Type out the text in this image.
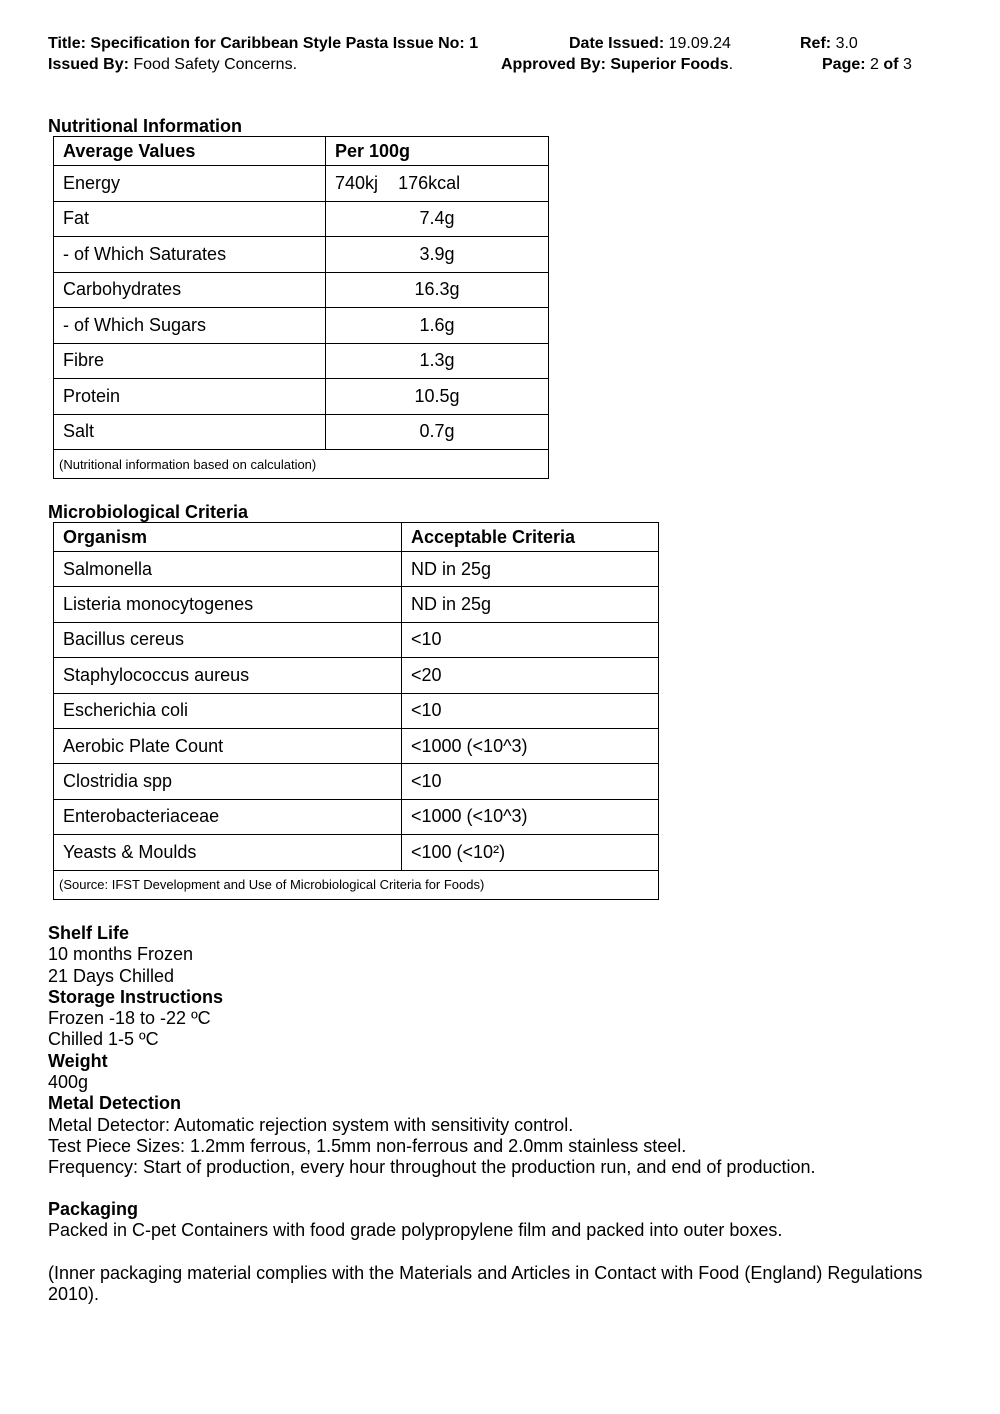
Title: Specification for Caribbean Style Pasta Issue No: 1	Date Issued: 19.09.24	Ref: 3.0
Issued By: Food Safety Concerns.	Approved By: Superior Foods.	Page: 2 of 3
Nutritional Information
Average Values	Per 100g
Energy	740kj 176kcal
Fat	7.4g
- of Which Saturates	3.9g
Carbohydrates	16.3g
- of Which Sugars	1.6g
Fibre	1.3g
Protein	10.5g
Salt	0.7g
(Nutritional information based on calculation)	
Microbiological Criteria
Organism	Acceptable Criteria
Salmonella	ND in 25g
Listeria monocytogenes	ND in 25g
Bacillus cereus	<10
Staphylococcus aureus	<20
Escherichia coli	<10
Aerobic Plate Count	<1000 (<10^3)
Clostridia spp	<10
Enterobacteriaceae	<1000 (<10^3)
Yeasts & Moulds	<100 (<10²)
(Source: IFST Development and Use of Microbiological Criteria for Foods)	
Shelf Life
10 months Frozen
21 Days Chilled
Storage Instructions
Frozen -18 to -22 ºC
Chilled 1-5 ºC
Weight
400g
Metal Detection
Metal Detector: Automatic rejection system with sensitivity control.
Test Piece Sizes: 1.2mm ferrous, 1.5mm non-ferrous and 2.0mm stainless steel.
Frequency: Start of production, every hour throughout the production run, and end of production.
Packaging
Packed in C-pet Containers with food grade polypropylene film and packed into outer boxes.
(Inner packaging material complies with the Materials and Articles in Contact with Food (England) Regulations 2010).
